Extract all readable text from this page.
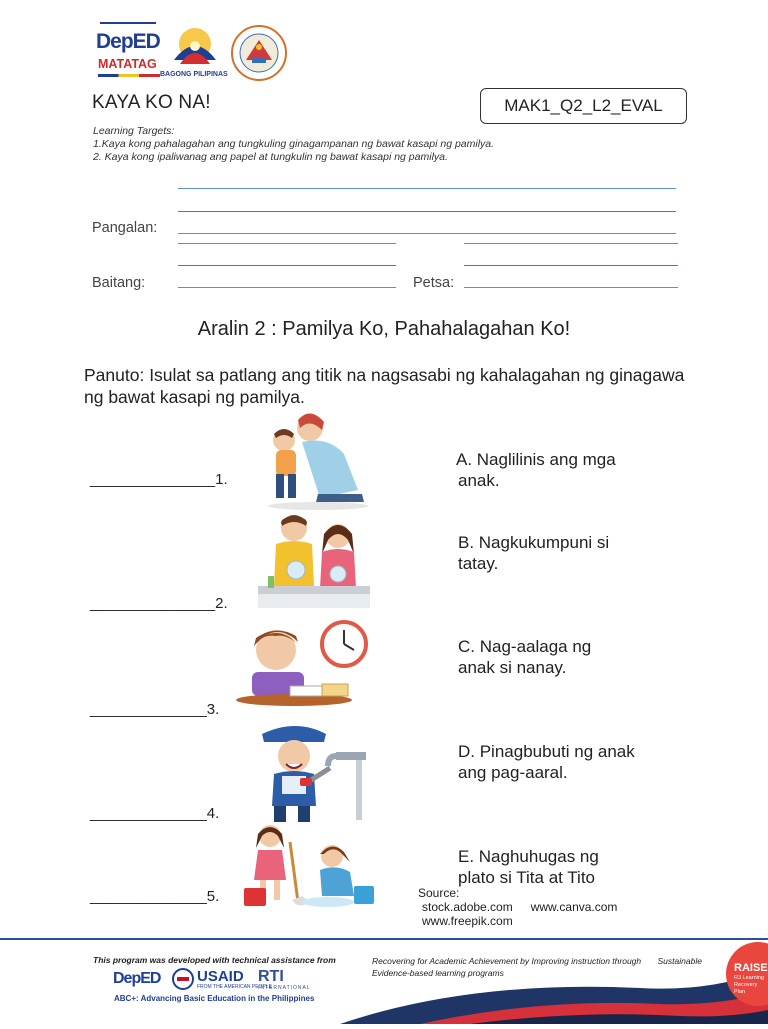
DepED
MATATAG
BAGONG PILIPINAS
KAYA KO NA!	MAK1_Q2_L2_EVAL
Learning Targets:
1.Kaya kong pahalagahan ang tungkuling ginagampanan ng bawat kasapi ng pamilya.
2. Kaya kong ipaliwanag ang papel at tungkulin ng bawat kasapi ng pamilya.
Pangalan:
Baitang:	Petsa:
Aralin 2 : Pamilya Ko, Pahahalagahan Ko!
Panuto: Isulat sa patlang ang titik na nagsasabi ng kahalagahan ng ginagawa ng bawat kasapi ng pamilya.
_______________1.
_______________2.
______________3.
______________4.
______________5.
A. Naglilinis ang mga
anak.
B. Nagkukumpuni si
tatay.
C. Nag-aalaga ng
anak si nanay.
D. Pinagbubuti ng anak
ang pag-aaral.
E. Naghuhugas ng
plato si Tita at Tito
Source:
stock.adobe.com www.canva.com
www.freepik.com
This program was developed with technical assistance from	Recovering for Academic Achievement by Improving instruction through Sustainable
Evidence-based learning programs
DepED USAID
FROM THE AMERICAN PEOPLE
RTI
INTERNATIONAL
ABC+: Advancing Basic Education in the Philippines
RAISE
R3 Learning Recovery Plan
